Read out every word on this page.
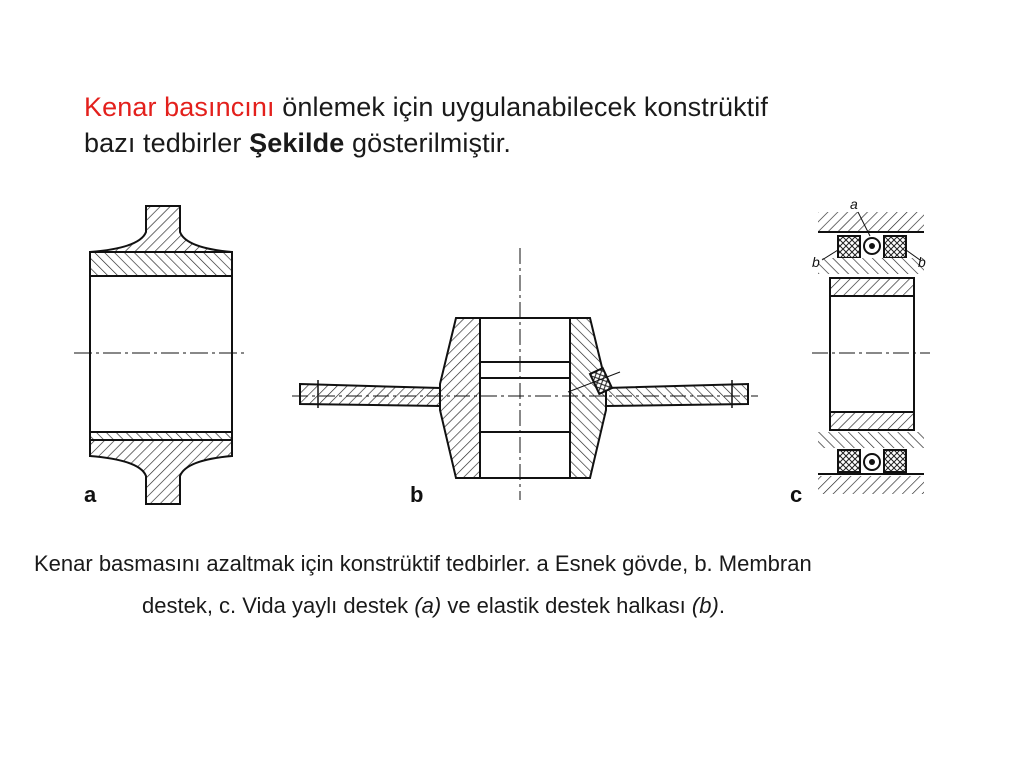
Kenar basıncını önlemek için uygulanabilecek konstrüktif
bazı tedbirler Şekilde gösterilmiştir.
a
b	b
a	b	c
Kenar basmasını azaltmak için konstrüktif tedbirler. a Esnek gövde, b. Membran
destek, c. Vida yaylı destek (a) ve elastik destek halkası (b).
